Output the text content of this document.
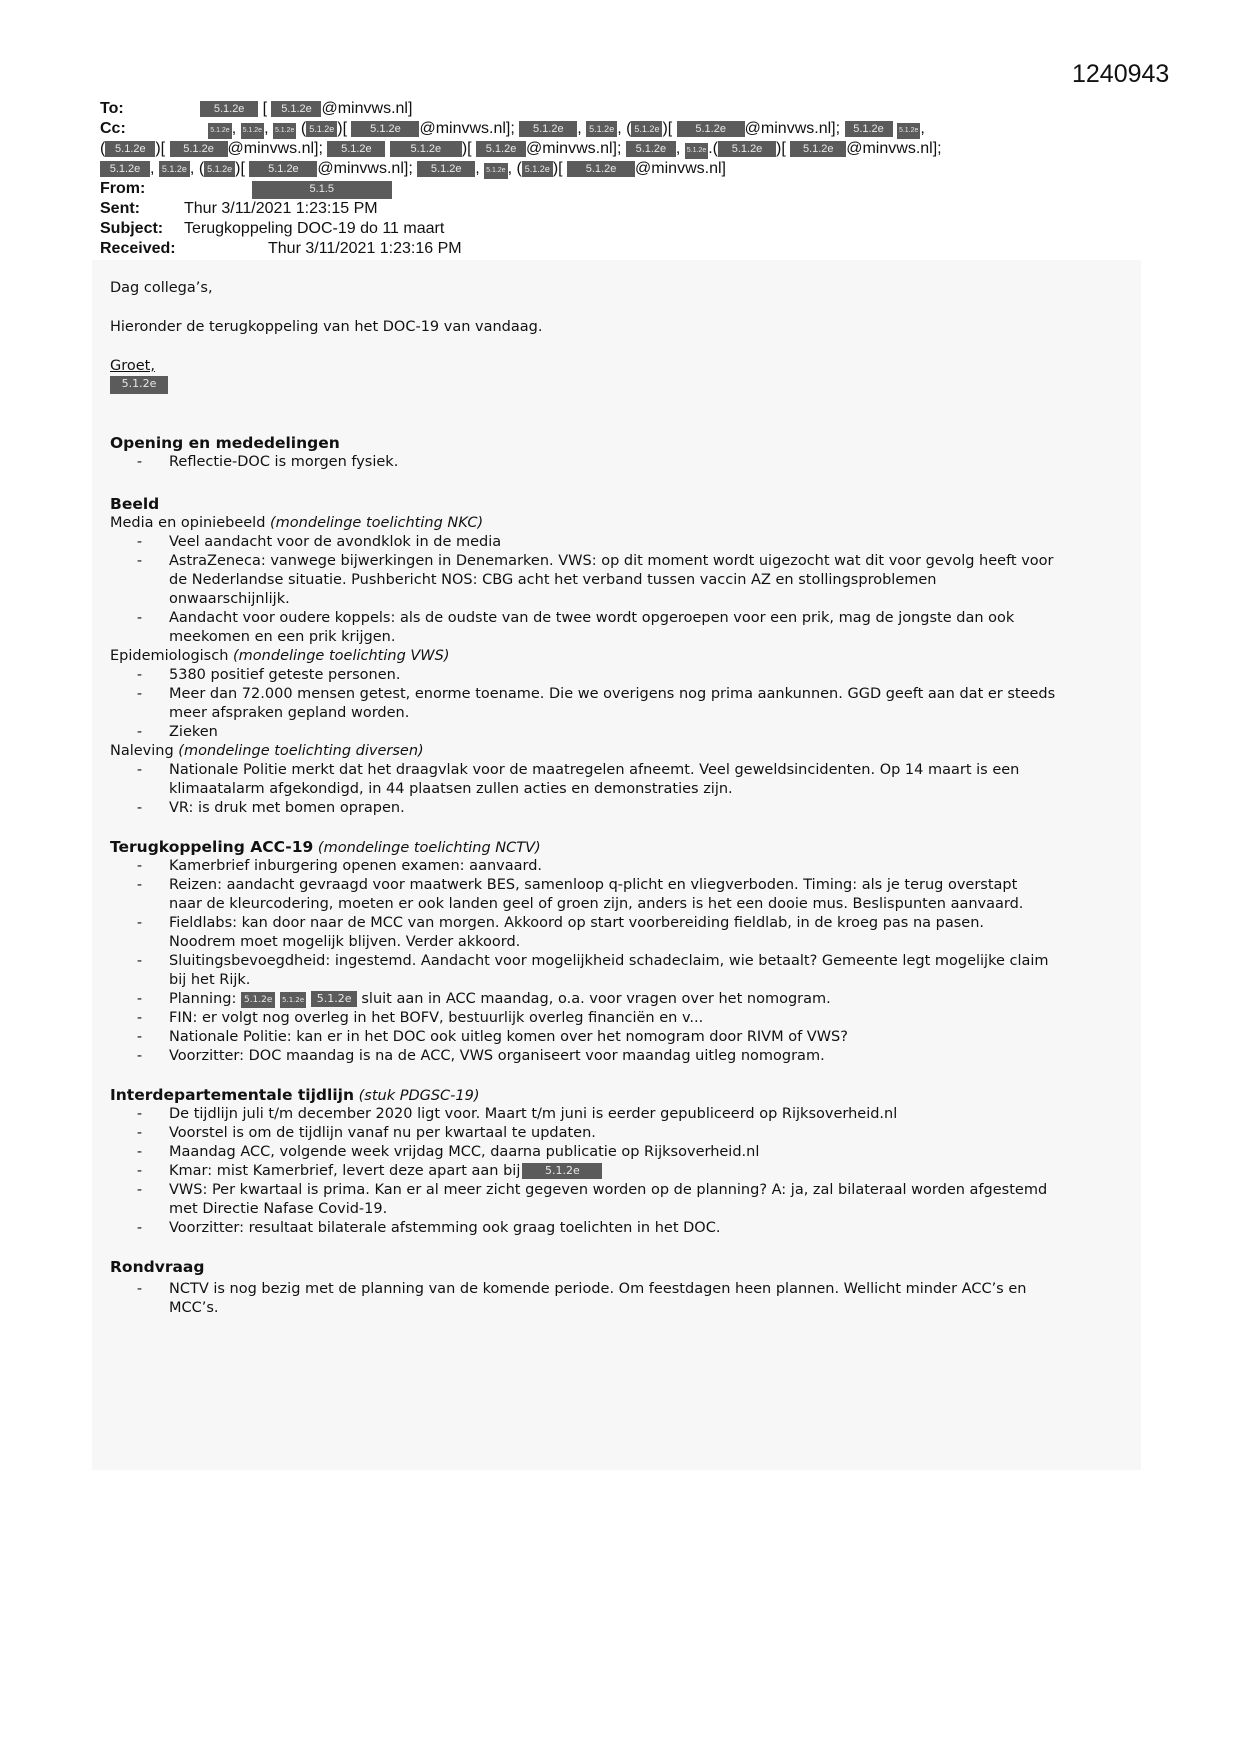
1240943
To:	5.1.2e [ 5.1.2e @minvws.nl]
Cc:	5.1.2e , 5.1.2e , 5.1.2e ( 5.1.2e )[ 5.1.2e @minvws.nl]; 5.1.2e , 5.1.2e , ( 5.1.2e )[ 5.1.2e @minvws.nl]; 5.1.2e 5.1.2e ,
( 5.1.2e )[ 5.1.2e @minvws.nl]; 5.1.2e	5.1.2e )[ 5.1.2e @minvws.nl]; 5.1.2e , 5.1.2e .( 5.1.2e )[ 5.1.2e @minvws.nl];
5.1.2e , 5.1.2e , ( 5.1.2e )[ 5.1.2e @minvws.nl]; 5.1.2e , 5.1.2e , ( 5.1.2e )[ 5.1.2e @minvws.nl]
From:	5.1.5
Sent:	Thur 3/11/2021 1:23:15 PM
Subject: Terugkoppeling DOC-19 do 11 maart
Received:	Thur 3/11/2021 1:23:16 PM
Dag collega’s,
Hieronder de terugkoppeling van het DOC-19 van vandaag.
Groet,
5.1.2e
Opening en mededelingen
- Reflectie-DOC is morgen fysiek.
Beeld
Media en opiniebeeld (mondelinge toelichting NKC)
- Veel aandacht voor de avondklok in de media
- AstraZeneca: vanwege bijwerkingen in Denemarken. VWS: op dit moment wordt uigezocht wat dit voor gevolg heeft voor
de Nederlandse situatie. Pushbericht NOS: CBG acht het verband tussen vaccin AZ en stollingsproblemen
onwaarschijnlijk.
- Aandacht voor oudere koppels: als de oudste van de twee wordt opgeroepen voor een prik, mag de jongste dan ook
meekomen en een prik krijgen.
Epidemiologisch (mondelinge toelichting VWS)
- 5380 positief geteste personen.
- Meer dan 72.000 mensen getest, enorme toename. Die we overigens nog prima aankunnen. GGD geeft aan dat er steeds
meer afspraken gepland worden.
- Zieken
Naleving (mondelinge toelichting diversen)
- Nationale Politie merkt dat het draagvlak voor de maatregelen afneemt. Veel geweldsincidenten. Op 14 maart is een
klimaatalarm afgekondigd, in 44 plaatsen zullen acties en demonstraties zijn.
- VR: is druk met bomen oprapen.
Terugkoppeling ACC-19 (mondelinge toelichting NCTV)
- Kamerbrief inburgering openen examen: aanvaard.
- Reizen: aandacht gevraagd voor maatwerk BES, samenloop q-plicht en vliegverboden. Timing: als je terug overstapt
naar de kleurcodering, moeten er ook landen geel of groen zijn, anders is het een dooie mus. Beslispunten aanvaard.
- Fieldlabs: kan door naar de MCC van morgen. Akkoord op start voorbereiding fieldlab, in de kroeg pas na pasen.
Noodrem moet mogelijk blijven. Verder akkoord.
- Sluitingsbevoegdheid: ingestemd. Aandacht voor mogelijkheid schadeclaim, wie betaalt? Gemeente legt mogelijke claim
bij het Rijk.
- Planning: 5.1.2e 5.1.2e 5.1.2e sluit aan in ACC maandag, o.a. voor vragen over het nomogram.
- FIN: er volgt nog overleg in het BOFV, bestuurlijk overleg financiën en v...
- Nationale Politie: kan er in het DOC ook uitleg komen over het nomogram door RIVM of VWS?
- Voorzitter: DOC maandag is na de ACC, VWS organiseert voor maandag uitleg nomogram.
Interdepartementale tijdlijn (stuk PDGSC-19)
- De tijdlijn juli t/m december 2020 ligt voor. Maart t/m juni is eerder gepubliceerd op Rijksoverheid.nl
- Voorstel is om de tijdlijn vanaf nu per kwartaal te updaten.
- Maandag ACC, volgende week vrijdag MCC, daarna publicatie op Rijksoverheid.nl
- Kmar: mist Kamerbrief, levert deze apart aan bij 5.1.2e
- VWS: Per kwartaal is prima. Kan er al meer zicht gegeven worden op de planning? A: ja, zal bilateraal worden afgestemd
met Directie Nafase Covid-19.
- Voorzitter: resultaat bilaterale afstemming ook graag toelichten in het DOC.
Rondvraag
- NCTV is nog bezig met de planning van de komende periode. Om feestdagen heen plannen. Wellicht minder ACC’s en
MCC’s.
